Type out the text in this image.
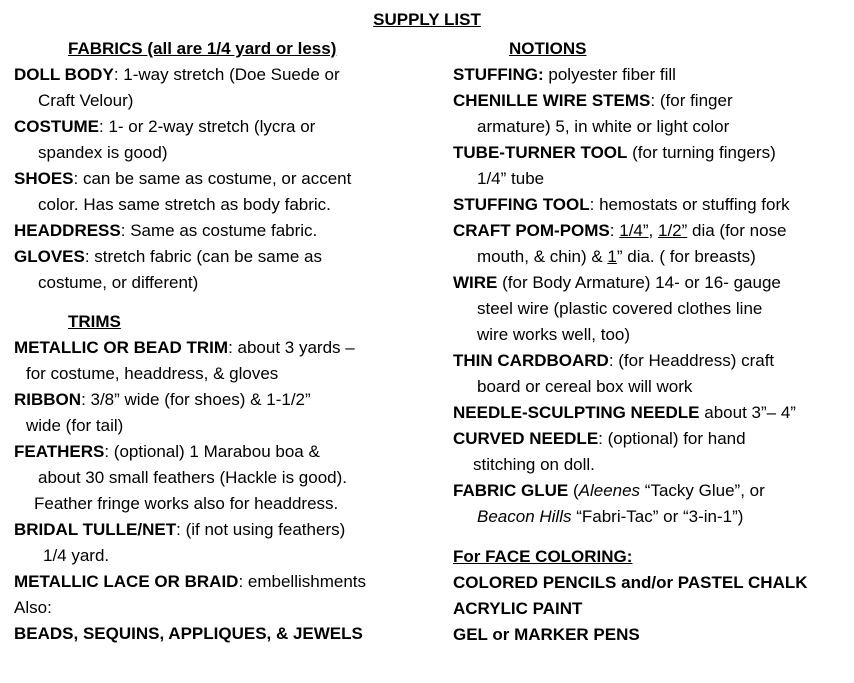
SUPPLY LIST
FABRICS (all are 1/4 yard or less)
DOLL BODY: 1-way stretch (Doe Suede or
Craft Velour)
COSTUME: 1- or 2-way stretch (lycra or
spandex is good)
SHOES: can be same as costume, or accent
color. Has same stretch as body fabric.
HEADDRESS: Same as costume fabric.
GLOVES: stretch fabric (can be same as
costume, or different)
TRIMS
METALLIC OR BEAD TRIM: about 3 yards –
for costume, headdress, & gloves
RIBBON: 3/8” wide (for shoes) & 1-1/2”
wide (for tail)
FEATHERS: (optional) 1 Marabou boa &
about 30 small feathers (Hackle is good).
Feather fringe works also for headdress.
BRIDAL TULLE/NET: (if not using feathers)
1/4 yard.
METALLIC LACE OR BRAID: embellishments
Also:
BEADS, SEQUINS, APPLIQUES, & JEWELS
NOTIONS
STUFFING: polyester fiber fill
CHENILLE WIRE STEMS: (for finger
armature) 5, in white or light color
TUBE-TURNER TOOL (for turning fingers)
1/4” tube
STUFFING TOOL: hemostats or stuffing fork
CRAFT POM-POMS: 1/4”, 1/2” dia (for nose
mouth, & chin) & 1” dia. ( for breasts)
WIRE (for Body Armature) 14- or 16- gauge
steel wire (plastic covered clothes line
wire works well, too)
THIN CARDBOARD: (for Headdress) craft
board or cereal box will work
NEEDLE-SCULPTING NEEDLE about 3”– 4”
CURVED NEEDLE: (optional) for hand
stitching on doll.
FABRIC GLUE (Aleenes “Tacky Glue”, or
Beacon Hills “Fabri-Tac” or “3-in-1”)
For FACE COLORING:
COLORED PENCILS and/or PASTEL CHALK
ACRYLIC PAINT
GEL or MARKER PENS
